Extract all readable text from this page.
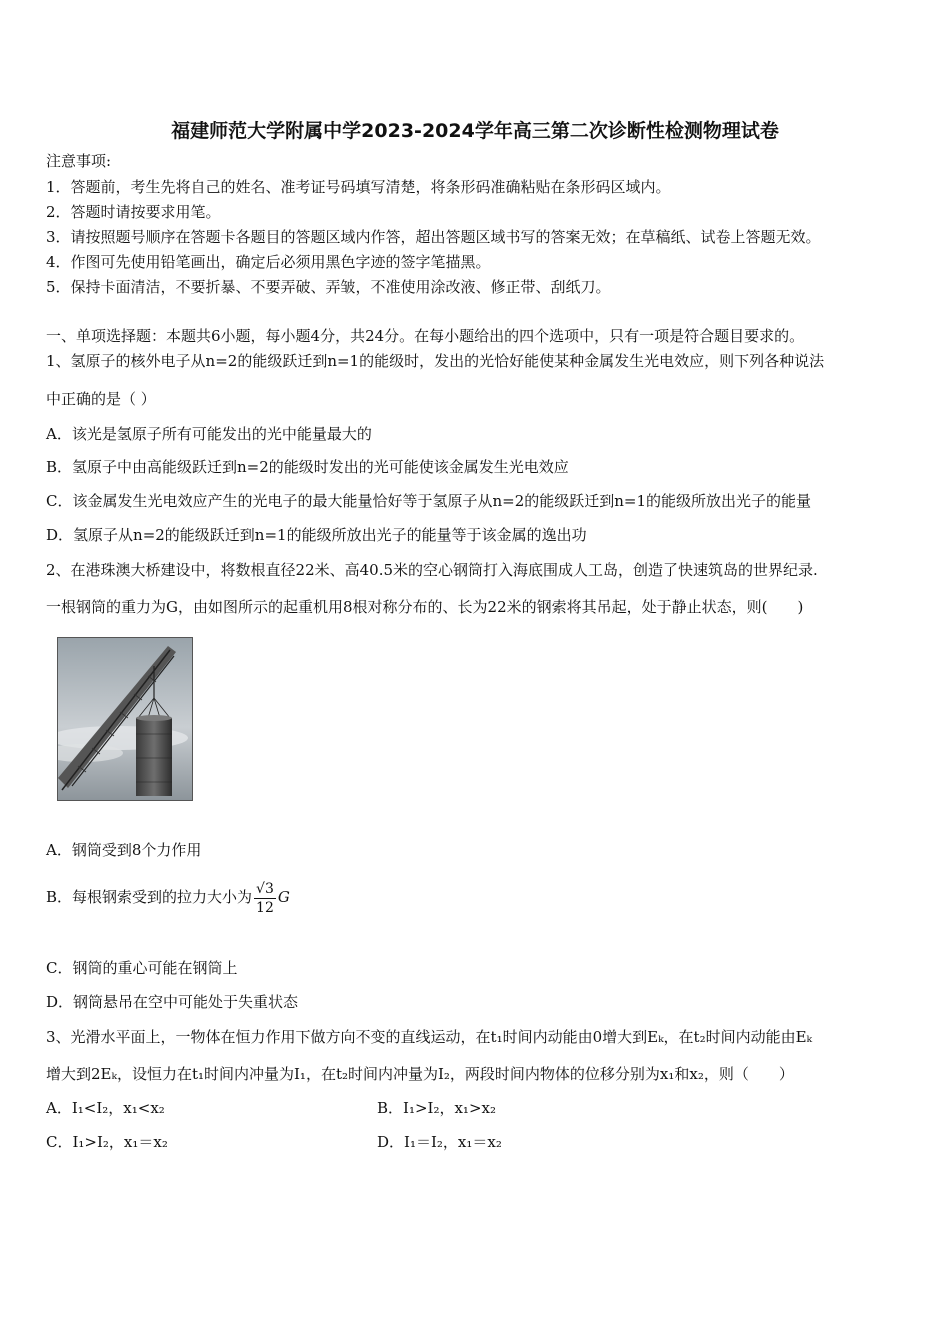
福建师范大学附属中学2023-2024学年高三第二次诊断性检测物理试卷
注意事项:
1．答题前，考生先将自己的姓名、准考证号码填写清楚，将条形码准确粘贴在条形码区域内。
2．答题时请按要求用笔。
3．请按照题号顺序在答题卡各题目的答题区域内作答，超出答题区域书写的答案无效；在草稿纸、试卷上答题无效。
4．作图可先使用铅笔画出，确定后必须用黑色字迹的签字笔描黑。
5．保持卡面清洁，不要折暴、不要弄破、弄皱，不准使用涂改液、修正带、刮纸刀。
一、单项选择题：本题共6小题，每小题4分，共24分。在每小题给出的四个选项中，只有一项是符合题目要求的。
1、氢原子的核外电子从n=2的能级跃迁到n=1的能级时，发出的光恰好能使某种金属发生光电效应，则下列各种说法
中正确的是（ ）
A．该光是氢原子所有可能发出的光中能量最大的
B．氢原子中由高能级跃迁到n=2的能级时发出的光可能使该金属发生光电效应
C．该金属发生光电效应产生的光电子的最大能量恰好等于氢原子从n=2的能级跃迁到n=1的能级所放出光子的能量
D．氢原子从n=2的能级跃迁到n=1的能级所放出光子的能量等于该金属的逸出功
2、在港珠澳大桥建设中，将数根直径22米、高40.5米的空心钢筒打入海底围成人工岛，创造了快速筑岛的世界纪录.
一根钢筒的重力为G，由如图所示的起重机用8根对称分布的、长为22米的钢索将其吊起，处于静止状态，则(　　)
A．钢筒受到8个力作用
B．每根钢索受到的拉力大小为 $\frac{√3}{12}$ G
C．钢筒的重心可能在钢筒上
D．钢筒悬吊在空中可能处于失重状态
3、光滑水平面上，一物体在恒力作用下做方向不变的直线运动，在t₁时间内动能由0增大到Eₖ，在t₂时间内动能由Eₖ
增大到2Eₖ，设恒力在t₁时间内冲量为I₁，在t₂时间内冲量为I₂，两段时间内物体的位移分别为x₁和x₂，则（　　）
A．I₁<I₂，x₁<x₂	B．I₁>I₂，x₁>x₂
C．I₁>I₂，x₁＝x₂	D．I₁＝I₂，x₁＝x₂
